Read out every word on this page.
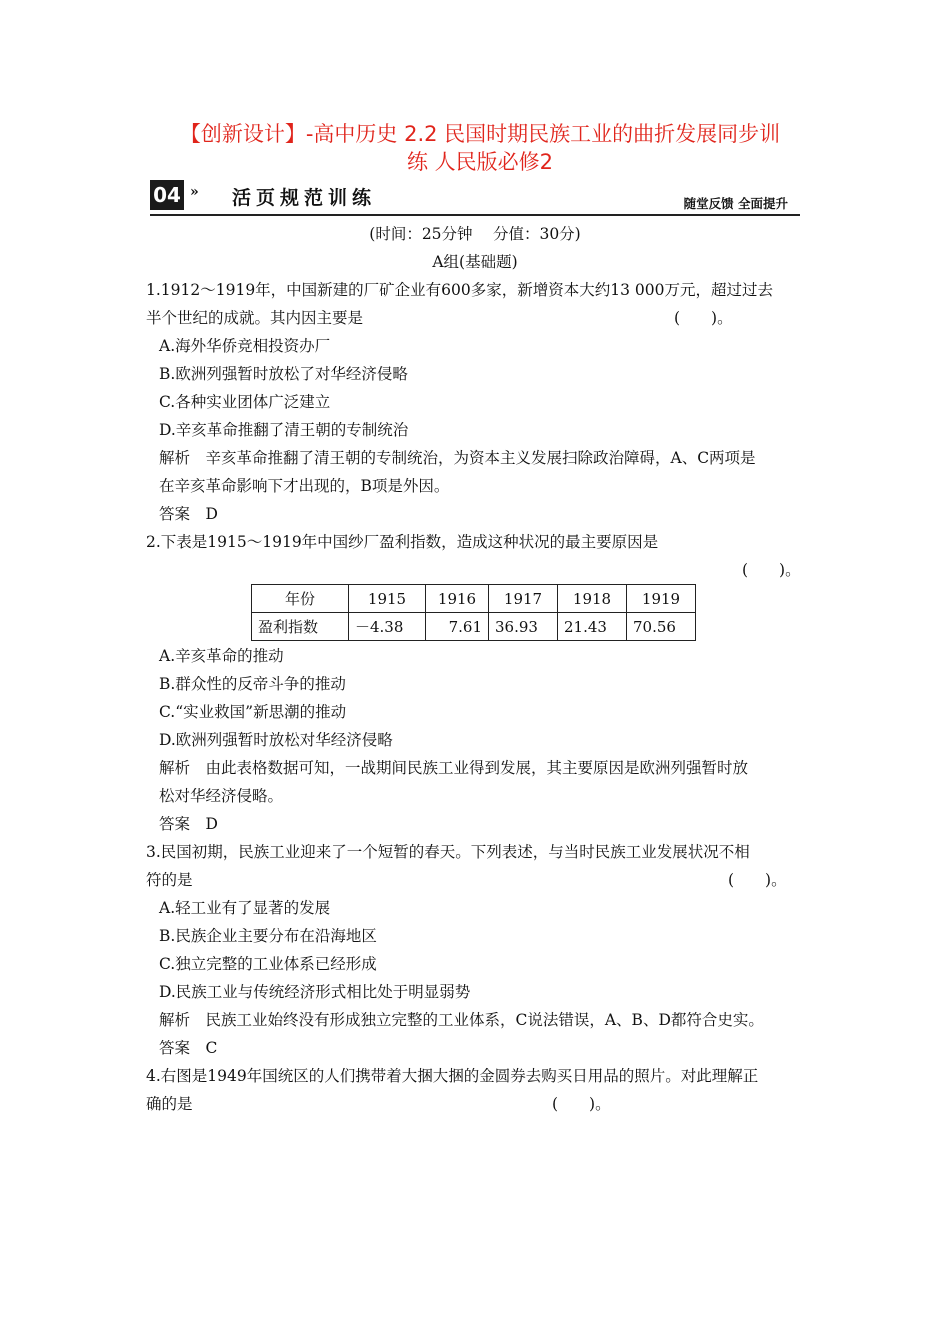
【创新设计】-高中历史 2.2 民国时期民族工业的曲折发展同步训
练 人民版必修2
04 » 活页规范训练	随堂反馈 全面提升
(时间：25分钟　 分值：30分)
A组(基础题)
1.1912～1919年，中国新建的厂矿企业有600多家，新增资本大约13 000万元，超过过去
半个世纪的成就。其内因主要是	(　　)。
A.海外华侨竞相投资办厂
B.欧洲列强暂时放松了对华经济侵略
C.各种实业团体广泛建立
D.辛亥革命推翻了清王朝的专制统治
解析　辛亥革命推翻了清王朝的专制统治，为资本主义发展扫除政治障碍，A、C两项是
在辛亥革命影响下才出现的，B项是外因。
答案　D
2.下表是1915～1919年中国纱厂盈利指数，造成这种状况的最主要原因是
(　　)。
年份	1915	1916	1917	1918	1919
盈利指数	－4.38	7.61	36.93	21.43	70.56
A.辛亥革命的推动
B.群众性的反帝斗争的推动
C.“实业救国”新思潮的推动
D.欧洲列强暂时放松对华经济侵略
解析　由此表格数据可知，一战期间民族工业得到发展，其主要原因是欧洲列强暂时放
松对华经济侵略。
答案　D
3.民国初期，民族工业迎来了一个短暂的春天。下列表述，与当时民族工业发展状况不相
符的是	(　　)。
A.轻工业有了显著的发展
B.民族企业主要分布在沿海地区
C.独立完整的工业体系已经形成
D.民族工业与传统经济形式相比处于明显弱势
解析　民族工业始终没有形成独立完整的工业体系，C说法错误，A、B、D都符合史实。
答案　C
4.右图是1949年国统区的人们携带着大捆大捆的金圆券去购买日用品的照片。对此理解正
确的是	(　　)。
